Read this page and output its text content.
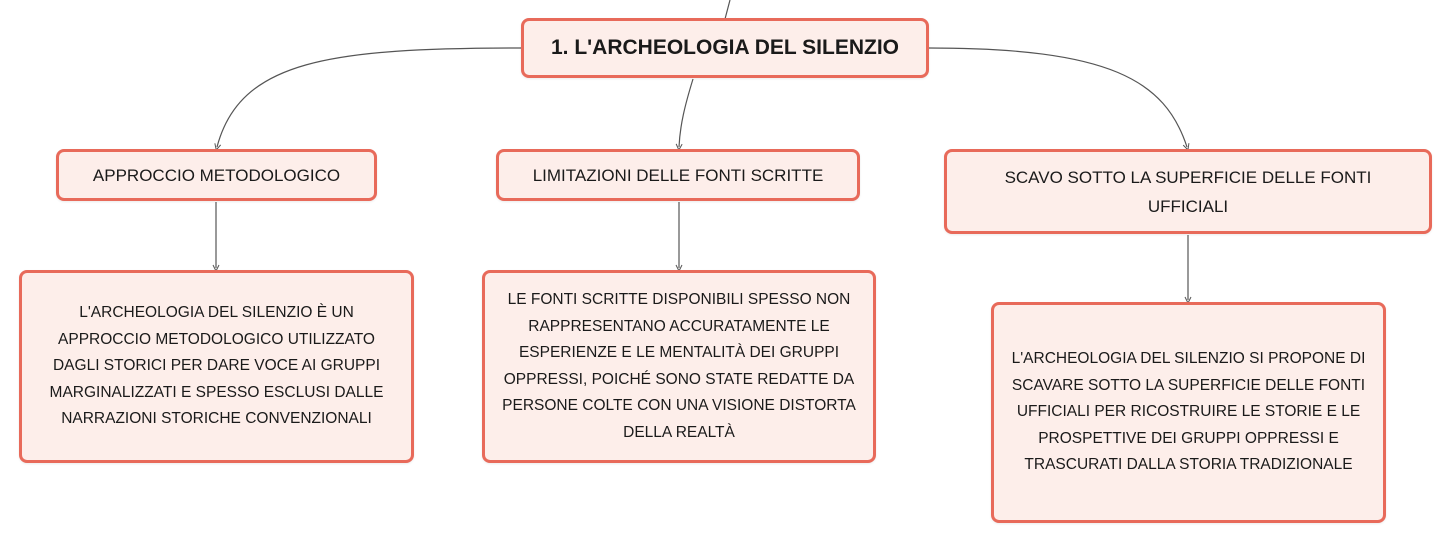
1. L'ARCHEOLOGIA DEL SILENZIO
APPROCCIO METODOLOGICO	LIMITAZIONI DELLE FONTI SCRITTE	SCAVO SOTTO LA SUPERFICIE DELLE FONTI UFFICIALI
L'ARCHEOLOGIA DEL SILENZIO È UN APPROCCIO METODOLOGICO UTILIZZATO DAGLI STORICI PER DARE VOCE AI GRUPPI MARGINALIZZATI E SPESSO ESCLUSI DALLE NARRAZIONI STORICHE CONVENZIONALI
LE FONTI SCRITTE DISPONIBILI SPESSO NON RAPPRESENTANO ACCURATAMENTE LE ESPERIENZE E LE MENTALITÀ DEI GRUPPI OPPRESSI, POICHÉ SONO STATE REDATTE DA PERSONE COLTE CON UNA VISIONE DISTORTA DELLA REALTÀ
L'ARCHEOLOGIA DEL SILENZIO SI PROPONE DI SCAVARE SOTTO LA SUPERFICIE DELLE FONTI UFFICIALI PER RICOSTRUIRE LE STORIE E LE PROSPETTIVE DEI GRUPPI OPPRESSI E TRASCURATI DALLA STORIA TRADIZIONALE
